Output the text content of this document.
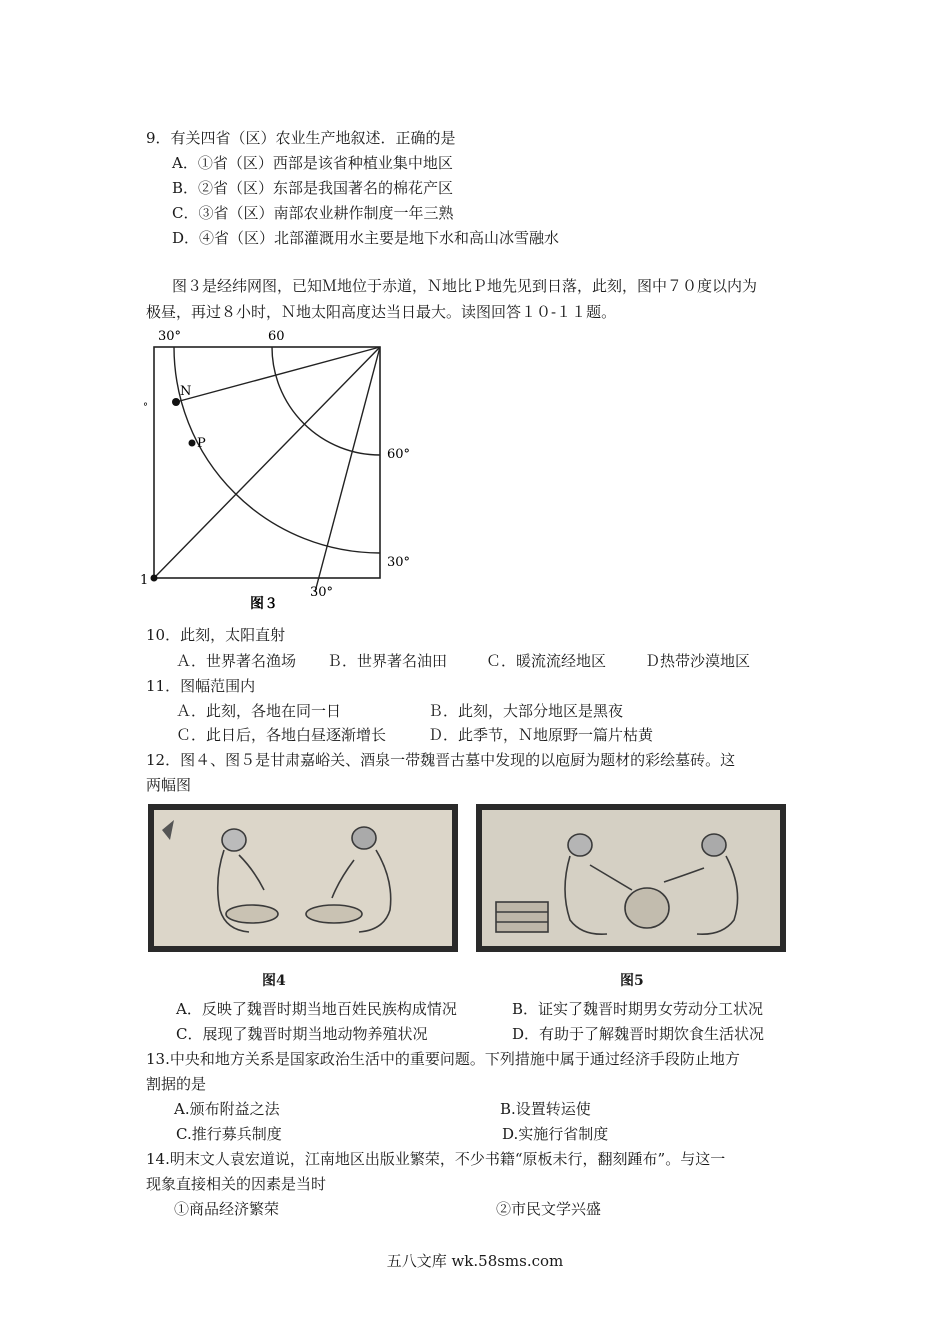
9．有关四省（区）农业生产地叙述．正确的是
A．①省（区）西部是该省种植业集中地区
B．②省（区）东部是我国著名的棉花产区
C．③省（区）南部农业耕作制度一年三熟
D．④省（区）北部灌溉用水主要是地下水和高山冰雪融水
图３是经纬网图，已知Ｍ地位于赤道，Ｎ地比Ｐ地先见到日落，此刻，图中７０度以内为
极昼，再过８小时，Ｎ地太阳高度达当日最大。读图回答１０-１１题。
30°	60
60°
30°
30°
N
P
1
°
图３
10．此刻，太阳直射
Ａ．世界著名渔场 Ｂ．世界著名油田	Ｃ．暖流流经地区	Ｄ热带沙漠地区
11．图幅范围内
Ａ．此刻，各地在同一日	Ｂ．此刻，大部分地区是黑夜
Ｃ．此日后，各地白昼逐渐增长	Ｄ．此季节，Ｎ地原野一篇片枯黄
12．图４、图５是甘肃嘉峪关、酒泉一带魏晋古墓中发现的以庖厨为题材的彩绘墓砖。这
两幅图
图4	图5
A．反映了魏晋时期当地百姓民族构成情况	B．证实了魏晋时期男女劳动分工状况
C．展现了魏晋时期当地动物养殖状况	D．有助于了解魏晋时期饮食生活状况
13.中央和地方关系是国家政治生活中的重要问题。下列措施中属于通过经济手段防止地方
割据的是
A.颁布附益之法	B.设置转运使
C.推行募兵制度	D.实施行省制度
14.明末文人袁宏道说，江南地区出版业繁荣，不少书籍“原板未行，翻刻踵布”。与这一
现象直接相关的因素是当时
①商品经济繁荣	②市民文学兴盛
五八文库 wk.58sms.com
